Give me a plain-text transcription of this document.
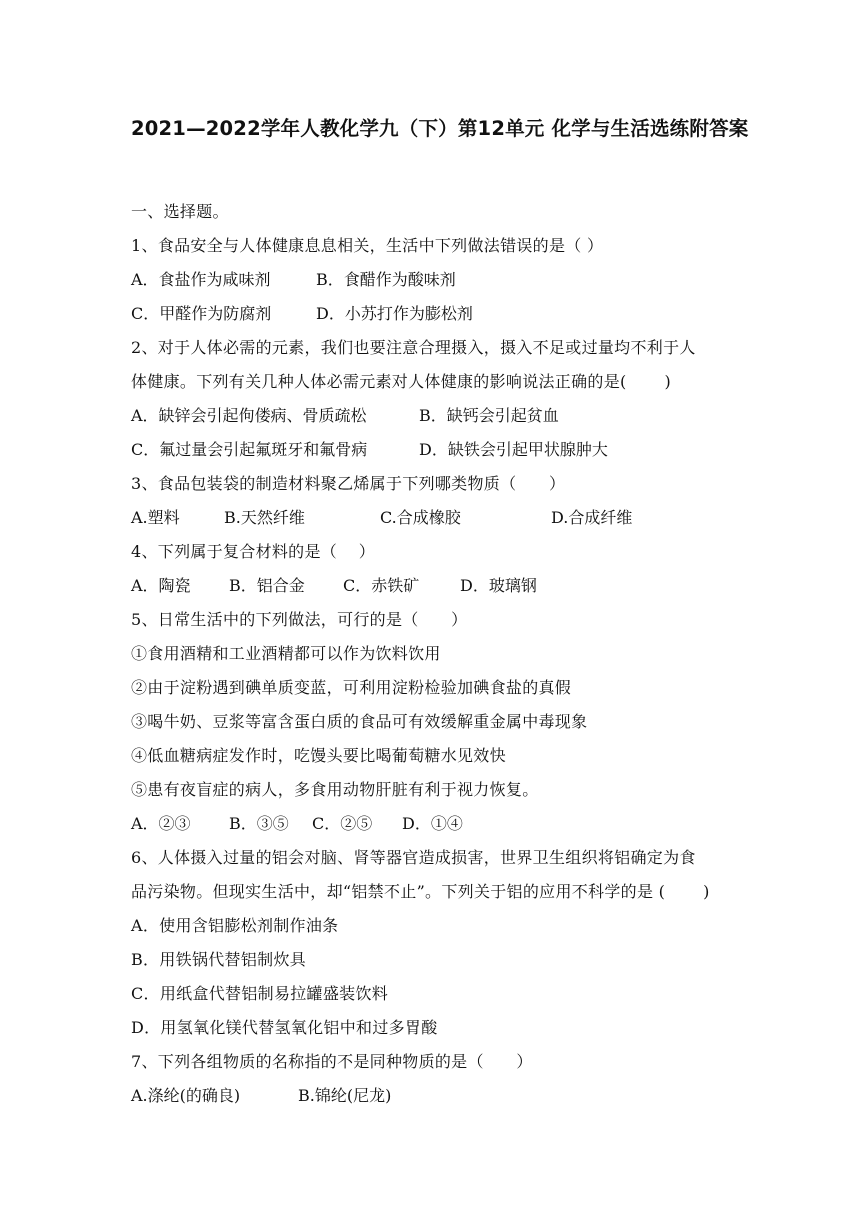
2021—2022学年人教化学九（下）第12单元 化学与生活选练附答案
一、选择题。
1、食品安全与人体健康息息相关，生活中下列做法错误的是（ ）
A．食盐作为咸味剂	B．食醋作为酸味剂
C．甲醛作为防腐剂	D．小苏打作为膨松剂
2、对于人体必需的元素，我们也要注意合理摄入，摄入不足或过量均不利于人
体健康。下列有关几种人体必需元素对人体健康的影响说法正确的是(　　 )
A．缺锌会引起佝偻病、骨质疏松	B．缺钙会引起贫血
C．氟过量会引起氟斑牙和氟骨病	D．缺铁会引起甲状腺肿大
3、食品包装袋的制造材料聚乙烯属于下列哪类物质（　　）
A.塑料	B.天然纤维	C.合成橡胶	D.合成纤维
4、下列属于复合材料的是（　 ）
A．陶瓷 B．铝合金 C．赤铁矿	D．玻璃钢
5、日常生活中的下列做法，可行的是（　　）
①食用酒精和工业酒精都可以作为饮料饮用
②由于淀粉遇到碘单质变蓝，可利用淀粉检验加碘食盐的真假
③喝牛奶、豆浆等富含蛋白质的食品可有效缓解重金属中毒现象
④低血糖病症发作时，吃馒头要比喝葡萄糖水见效快
⑤患有夜盲症的病人，多食用动物肝脏有利于视力恢复。
A．②③ B．③⑤ C．②⑤ D．①④
6、人体摄入过量的铝会对脑、肾等器官造成损害，世界卫生组织将铝确定为食
品污染物。但现实生活中，却“铝禁不止”。下列关于铝的应用不科学的是 (　　 )
A．使用含铝膨松剂制作油条
B．用铁锅代替铝制炊具
C．用纸盒代替铝制易拉罐盛装饮料
D．用氢氧化镁代替氢氧化铝中和过多胃酸
7、下列各组物质的名称指的不是同种物质的是（　　）
A.涤纶(的确良)	B.锦纶(尼龙)
